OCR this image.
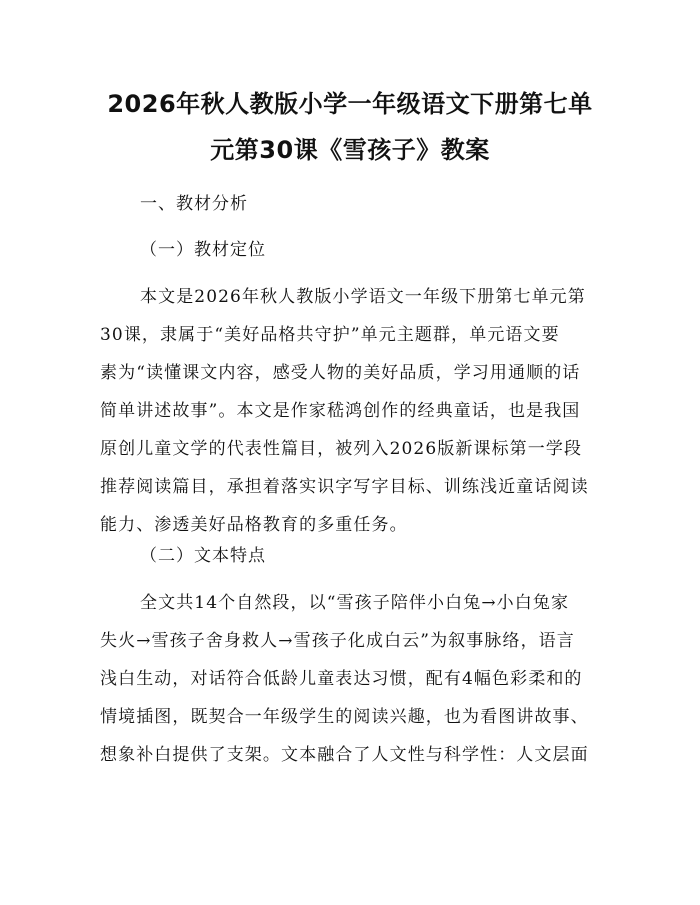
2026年秋人教版小学一年级语文下册第七单
元第30课《雪孩子》教案
一、教材分析
（一）教材定位
本文是2026年秋人教版小学语文一年级下册第七单元第
30课，隶属于“美好品格共守护”单元主题群，单元语文要
素为“读懂课文内容，感受人物的美好品质，学习用通顺的话
简单讲述故事”。本文是作家嵇鸿创作的经典童话，也是我国
原创儿童文学的代表性篇目，被列入2026版新课标第一学段
推荐阅读篇目，承担着落实识字写字目标、训练浅近童话阅读
能力、渗透美好品格教育的多重任务。
（二）文本特点
全文共14个自然段，以“雪孩子陪伴小白兔→小白兔家
失火→雪孩子舍身救人→雪孩子化成白云”为叙事脉络，语言
浅白生动，对话符合低龄儿童表达习惯，配有4幅色彩柔和的
情境插图，既契合一年级学生的阅读兴趣，也为看图讲故事、
想象补白提供了支架。文本融合了人文性与科学性：人文层面
